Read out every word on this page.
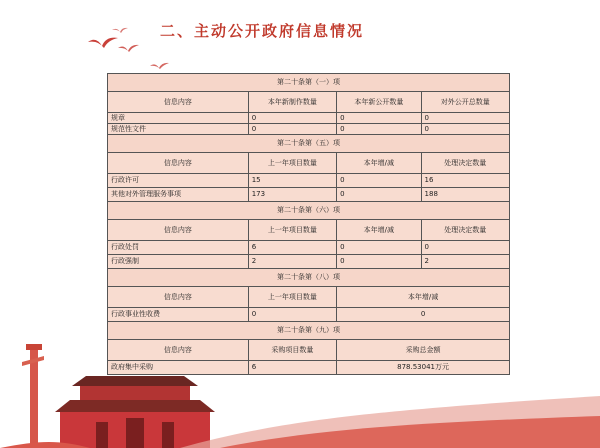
二、主动公开政府信息情况
第二十条第（一）项			
信息内容	本年新制作数量	本年新公开数量	对外公开总数量
规章	0	0	0
规范性文件	0	0	0
第二十条第（五）项			
信息内容	上一年项目数量	本年增/减	处理决定数量
行政许可	15	0	16
其他对外管理服务事项	173	0	188
第二十条第（六）项			
信息内容	上一年项目数量	本年增/减	处理决定数量
行政处罚	6	0	0
行政强制	2	0	2
第二十条第（八）项			
信息内容	上一年项目数量	本年增/减	
行政事业性收费	0	0	
第二十条第（九）项			
信息内容	采购项目数量	采购总金额	
政府集中采购	6	878.53041万元	
